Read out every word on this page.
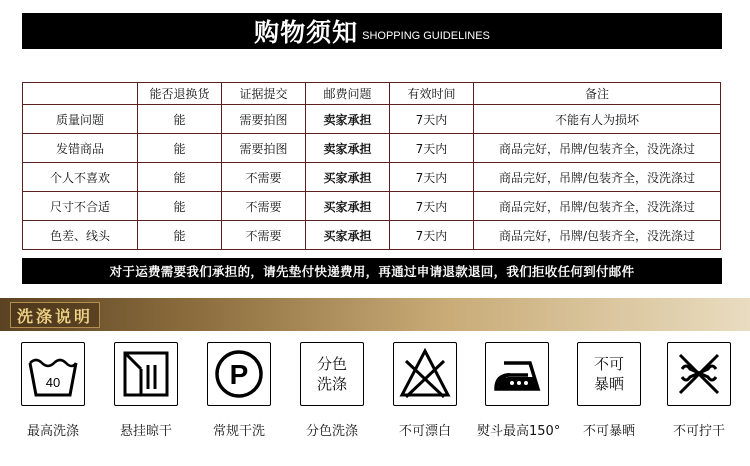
购物须知 SHOPPING GUIDELINES
	能否退换货	证据提交	邮费问题	有效时间	备注
质量问题	能	需要拍图	卖家承担	7天内	不能有人为损坏
发错商品	能	需要拍图	卖家承担	7天内	商品完好，吊牌/包装齐全，没洗涤过
个人不喜欢	能	不需要	买家承担	7天内	商品完好，吊牌/包装齐全，没洗涤过
尺寸不合适	能	不需要	买家承担	7天内	商品完好，吊牌/包装齐全，没洗涤过
色差、线头	能	不需要	买家承担	7天内	商品完好，吊牌/包装齐全，没洗涤过
对于运费需要我们承担的，请先垫付快递费用，再通过申请退款退回，我们拒收任何到付邮件
洗涤说明
40
最高洗涤	悬挂晾干
P
常规干洗
分色
洗涤
分色洗涤	不可漂白	熨斗最高150°
不可
暴晒
不可暴晒	不可拧干
